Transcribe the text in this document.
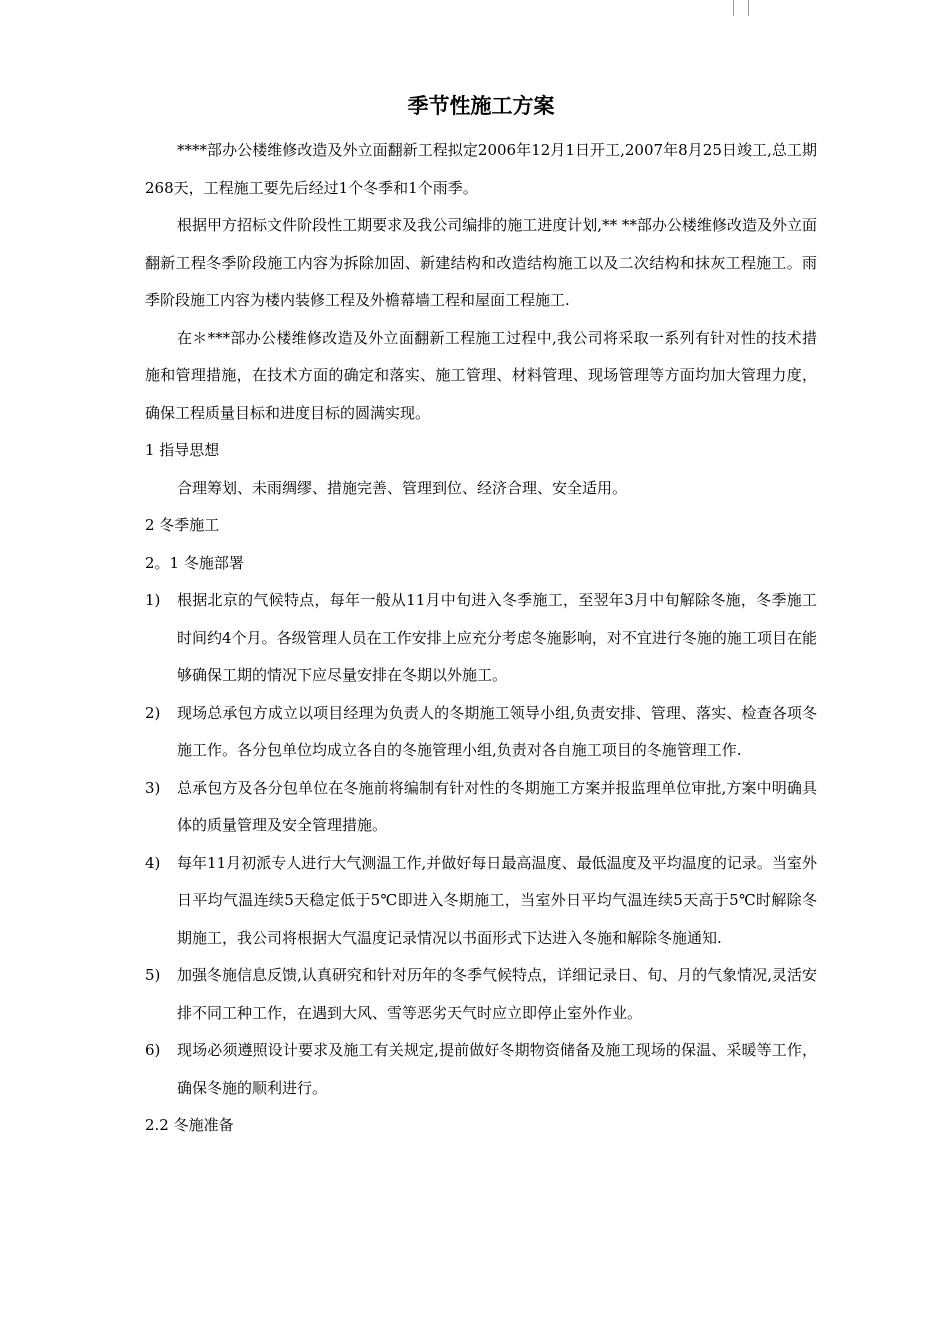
季节性施工方案

****部办公楼维修改造及外立面翻新工程拟定2006年12月1日开工,2007年8月25日竣工,总工期268天，工程施工要先后经过1个冬季和1个雨季。

根据甲方招标文件阶段性工期要求及我公司编排的施工进度计划,** **部办公楼维修改造及外立面翻新工程冬季阶段施工内容为拆除加固、新建结构和改造结构施工以及二次结构和抹灰工程施工。雨季阶段施工内容为楼内装修工程及外檐幕墙工程和屋面工程施工.

在＊***部办公楼维修改造及外立面翻新工程施工过程中,我公司将采取一系列有针对性的技术措施和管理措施，在技术方面的确定和落实、施工管理、材料管理、现场管理等方面均加大管理力度，确保工程质量目标和进度目标的圆满实现。

1 指导思想
合理筹划、未雨绸缪、措施完善、管理到位、经济合理、安全适用。
2 冬季施工
2。1 冬施部署
1) 根据北京的气候特点，每年一般从11月中旬进入冬季施工，至翌年3月中旬解除冬施，冬季施工时间约4个月。各级管理人员在工作安排上应充分考虑冬施影响，对不宜进行冬施的施工项目在能够确保工期的情况下应尽量安排在冬期以外施工。
2) 现场总承包方成立以项目经理为负责人的冬期施工领导小组,负责安排、管理、落实、检查各项冬施工作。各分包单位均成立各自的冬施管理小组,负责对各自施工项目的冬施管理工作.
3) 总承包方及各分包单位在冬施前将编制有针对性的冬期施工方案并报监理单位审批,方案中明确具体的质量管理及安全管理措施。
4) 每年11月初派专人进行大气测温工作,并做好每日最高温度、最低温度及平均温度的记录。当室外日平均气温连续5天稳定低于5℃即进入冬期施工，当室外日平均气温连续5天高于5℃时解除冬期施工，我公司将根据大气温度记录情况以书面形式下达进入冬施和解除冬施通知.
5) 加强冬施信息反馈,认真研究和针对历年的冬季气候特点，详细记录日、旬、月的气象情况,灵活安排不同工种工作，在遇到大风、雪等恶劣天气时应立即停止室外作业。
6) 现场必须遵照设计要求及施工有关规定,提前做好冬期物资储备及施工现场的保温、采暖等工作，确保冬施的顺利进行。
2.2 冬施准备
